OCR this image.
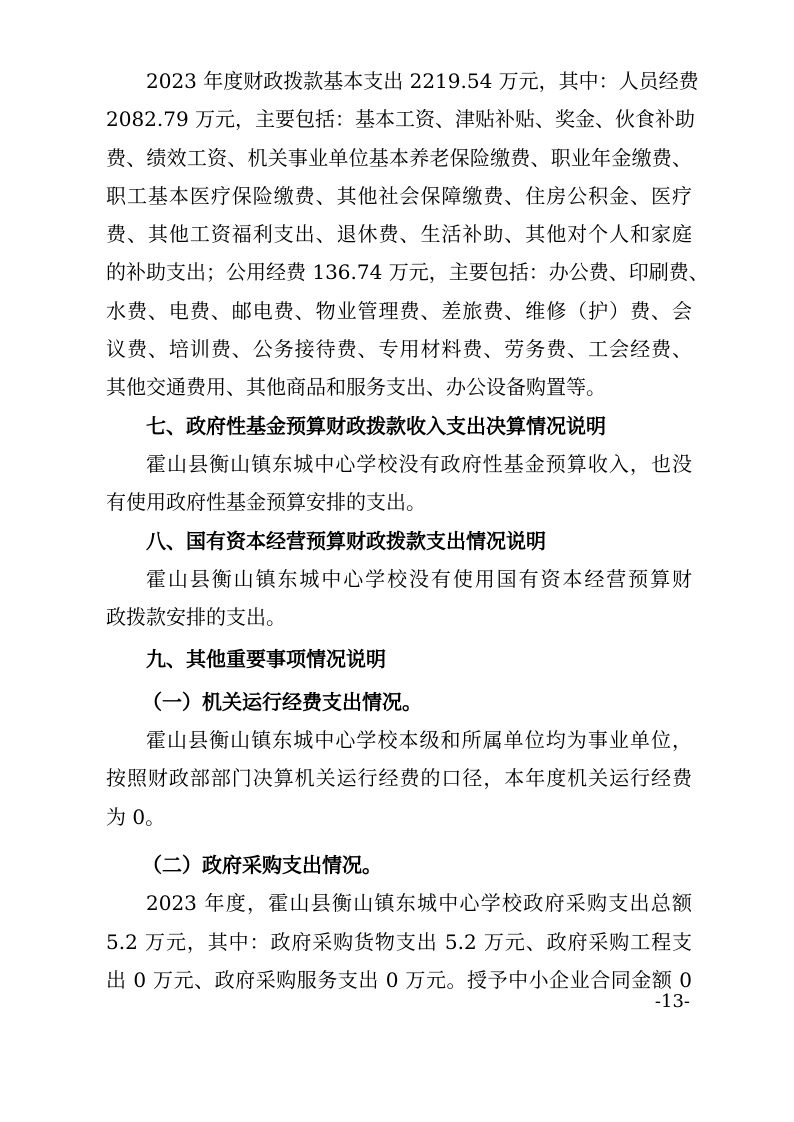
2023 年度财政拨款基本支出 2219.54 万元，其中：人员经费
2082.79 万元，主要包括：基本工资、津贴补贴、奖金、伙食补助
费、绩效工资、机关事业单位基本养老保险缴费、职业年金缴费、
职工基本医疗保险缴费、其他社会保障缴费、住房公积金、医疗
费、其他工资福利支出、退休费、生活补助、其他对个人和家庭
的补助支出；公用经费 136.74 万元，主要包括：办公费、印刷费、
水费、电费、邮电费、物业管理费、差旅费、维修（护）费、会
议费、培训费、公务接待费、专用材料费、劳务费、工会经费、
其他交通费用、其他商品和服务支出、办公设备购置等。
七、政府性基金预算财政拨款收入支出决算情况说明
霍山县衡山镇东城中心学校没有政府性基金预算收入，也没
有使用政府性基金预算安排的支出。
八、国有资本经营预算财政拨款支出情况说明
霍山县衡山镇东城中心学校没有使用国有资本经营预算财
政拨款安排的支出。
九、其他重要事项情况说明
（一）机关运行经费支出情况。
霍山县衡山镇东城中心学校本级和所属单位均为事业单位，
按照财政部部门决算机关运行经费的口径，本年度机关运行经费
为 0。
（二）政府采购支出情况。
2023 年度，霍山县衡山镇东城中心学校政府采购支出总额
5.2 万元，其中：政府采购货物支出 5.2 万元、政府采购工程支
出 0 万元、政府采购服务支出 0 万元。授予中小企业合同金额 0
-13-
